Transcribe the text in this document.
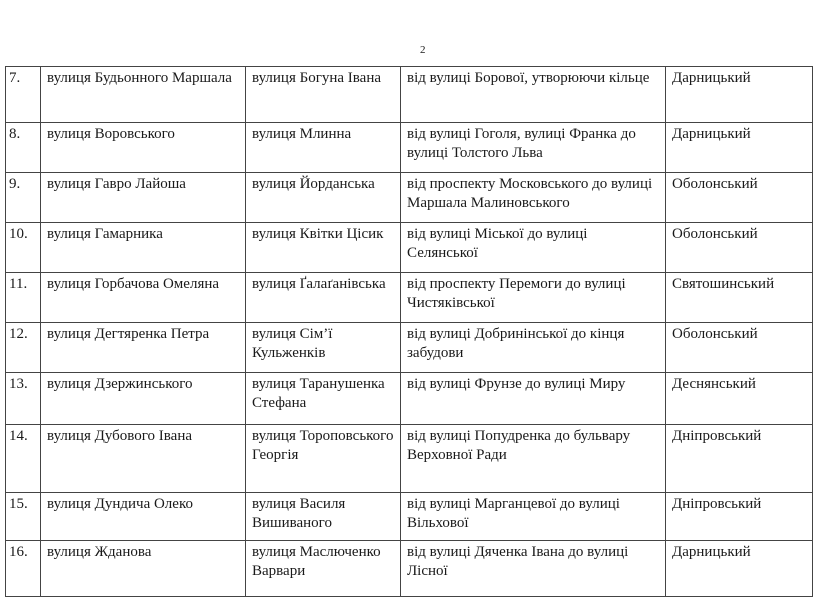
2
7.	вулиця Будьонного Маршала	вулиця Богуна Івана	від вулиці Борової, утворюючи кільце	Дарницький
8.	вулиця Воровського	вулиця Млинна	від вулиці Гоголя, вулиці Франка до вулиці Толстого Льва	Дарницький
9.	вулиця Гавро Лайоша	вулиця Йорданська	від проспекту Московського до вулиці Маршала Малиновського	Оболонський
10.	вулиця Гамарника	вулиця Квітки Цісик	від вулиці Міської до вулиці Селянської	Оболонський
11.	вулиця Горбачова Омеляна	вулиця Ґалаґанівська	від проспекту Перемоги до вулиці Чистяківської	Святошинський
12.	вулиця Дегтяренка Петра	вулиця Сім’ї Кульженків	від вулиці Добринінської до кінця забудови	Оболонський
13.	вулиця Дзержинського	вулиця Таранушенка Стефана	від вулиці Фрунзе до вулиці Миру	Деснянський
14.	вулиця Дубового Івана	вулиця Тороповського Георгія	від вулиці Попудренка до бульвару Верховної Ради	Дніпровський
15.	вулиця Дундича Олеко	вулиця Василя Вишиваного	від вулиці Марганцевої до вулиці Вільхової	Дніпровський
16.	вулиця Жданова	вулиця Маслюченко Варвари	від вулиці Дяченка Івана до вулиці Лісної	Дарницький
